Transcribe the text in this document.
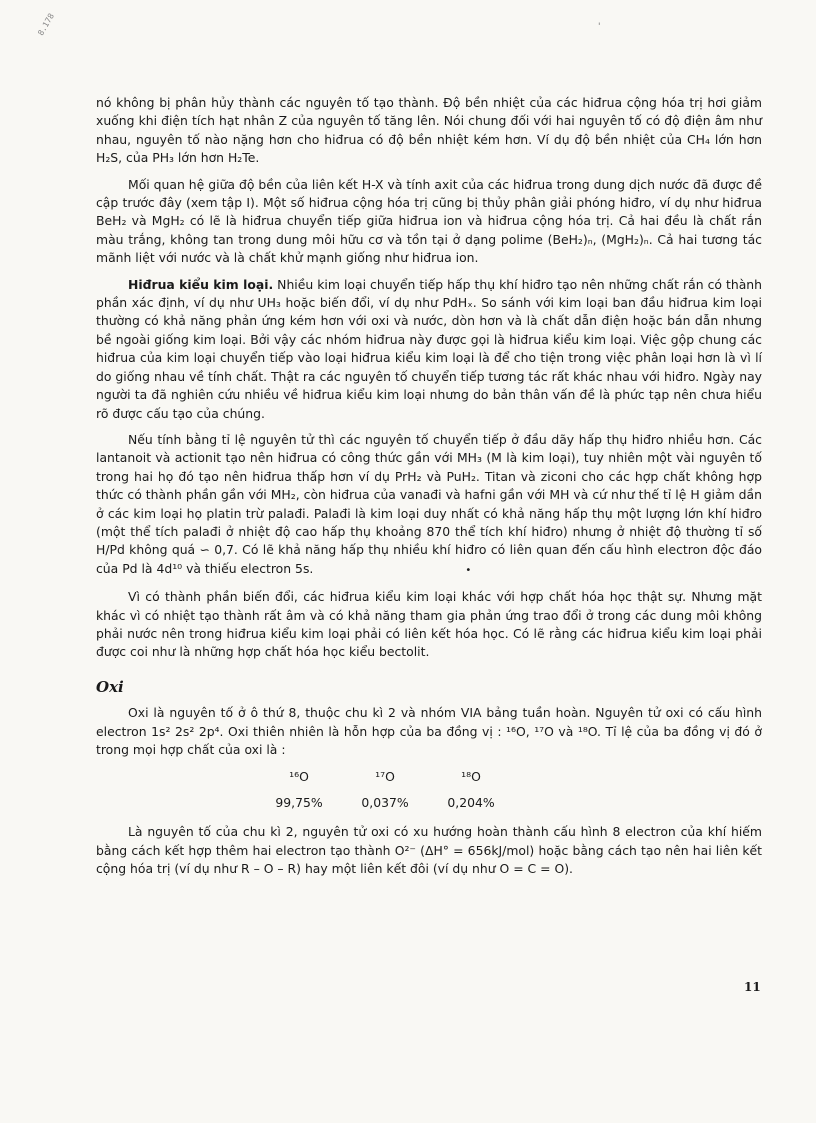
8.178	'

nó không bị phân hủy thành các nguyên tố tạo thành. Độ bền nhiệt của các hiđrua cộng hóa trị hơi giảm xuống khi điện tích hạt nhân Z của nguyên tố tăng lên. Nói chung đối với hai nguyên tố có độ điện âm như nhau, nguyên tố nào nặng hơn cho hiđrua có độ bền nhiệt kém hơn. Ví dụ độ bền nhiệt của CH₄ lớn hơn H₂S, của PH₃ lớn hơn H₂Te.

Mối quan hệ giữa độ bền của liên kết H-X và tính axit của các hiđrua trong dung dịch nước đã được đề cập trước đây (xem tập I). Một số hiđrua cộng hóa trị cũng bị thủy phân giải phóng hiđro, ví dụ như hiđrua BeH₂ và MgH₂ có lẽ là hiđrua chuyển tiếp giữa hiđrua ion và hiđrua cộng hóa trị. Cả hai đều là chất rắn màu trắng, không tan trong dung môi hữu cơ và tồn tại ở dạng polime (BeH₂)ₙ, (MgH₂)ₙ. Cả hai tương tác mãnh liệt với nước và là chất khử mạnh giống như hiđrua ion.

Hiđrua kiểu kim loại. Nhiều kim loại chuyển tiếp hấp thụ khí hiđro tạo nên những chất rắn có thành phần xác định, ví dụ như UH₃ hoặc biến đổi, ví dụ như PdHₓ. So sánh với kim loại ban đầu hiđrua kim loại thường có khả năng phản ứng kém hơn với oxi và nước, dòn hơn và là chất dẫn điện hoặc bán dẫn nhưng bề ngoài giống kim loại. Bởi vậy các nhóm hiđrua này được gọi là hiđrua kiểu kim loại. Việc gộp chung các hiđrua của kim loại chuyển tiếp vào loại hiđrua kiểu kim loại là để cho tiện trong việc phân loại hơn là vì lí do giống nhau về tính chất. Thật ra các nguyên tố chuyển tiếp tương tác rất khác nhau với hiđro. Ngày nay người ta đã nghiên cứu nhiều về hiđrua kiểu kim loại nhưng do bản thân vấn đề là phức tạp nên chưa hiểu rõ được cấu tạo của chúng.

Nếu tính bằng tỉ lệ nguyên tử thì các nguyên tố chuyển tiếp ở đầu dãy hấp thụ hiđro nhiều hơn. Các lantanoit và actionit tạo nên hiđrua có công thức gần với MH₃ (M là kim loại), tuy nhiên một vài nguyên tố trong hai họ đó tạo nên hiđrua thấp hơn ví dụ PrH₂ và PuH₂. Titan và ziconi cho các hợp chất không hợp thức có thành phần gần với MH₂, còn hiđrua của vanađi và hafni gần với MH và cứ như thế tỉ lệ H giảm dần ở các kim loại họ platin trừ palađi. Palađi là kim loại duy nhất có khả năng hấp thụ một lượng lớn khí hiđro (một thể tích palađi ở nhiệt độ cao hấp thụ khoảng 870 thể tích khí hiđro) nhưng ở nhiệt độ thường tỉ số H/Pd không quá ∽ 0,7. Có lẽ khả năng hấp thụ nhiều khí hiđro có liên quan đến cấu hình electron độc đáo của Pd là 4d¹⁰ và thiếu electron 5s.	•

Vì có thành phần biến đổi, các hiđrua kiểu kim loại khác với hợp chất hóa học thật sự. Nhưng mặt khác vì có nhiệt tạo thành rất âm và có khả năng tham gia phản ứng trao đổi ở trong các dung môi không phải nước nên trong hiđrua kiểu kim loại phải có liên kết hóa học. Có lẽ rằng các hiđrua kiểu kim loại phải được coi như là những hợp chất hóa học kiểu bectolit.

Oxi

Oxi là nguyên tố ở ô thứ 8, thuộc chu kì 2 và nhóm VIA bảng tuần hoàn. Nguyên tử oxi có cấu hình electron 1s² 2s² 2p⁴. Oxi thiên nhiên là hỗn hợp của ba đồng vị : ¹⁶O, ¹⁷O và ¹⁸O. Tỉ lệ của ba đồng vị đó ở trong mọi hợp chất của oxi là :

¹⁶O
99,75%
¹⁷O
0,037%
¹⁸O
0,204%

Là nguyên tố của chu kì 2, nguyên tử oxi có xu hướng hoàn thành cấu hình 8 electron của khí hiếm bằng cách kết hợp thêm hai electron tạo thành O²⁻ (ΔH° = 656kJ/mol) hoặc bằng cách tạo nên hai liên kết cộng hóa trị (ví dụ như R – O – R) hay một liên kết đôi (ví dụ như O = C = O).

11
